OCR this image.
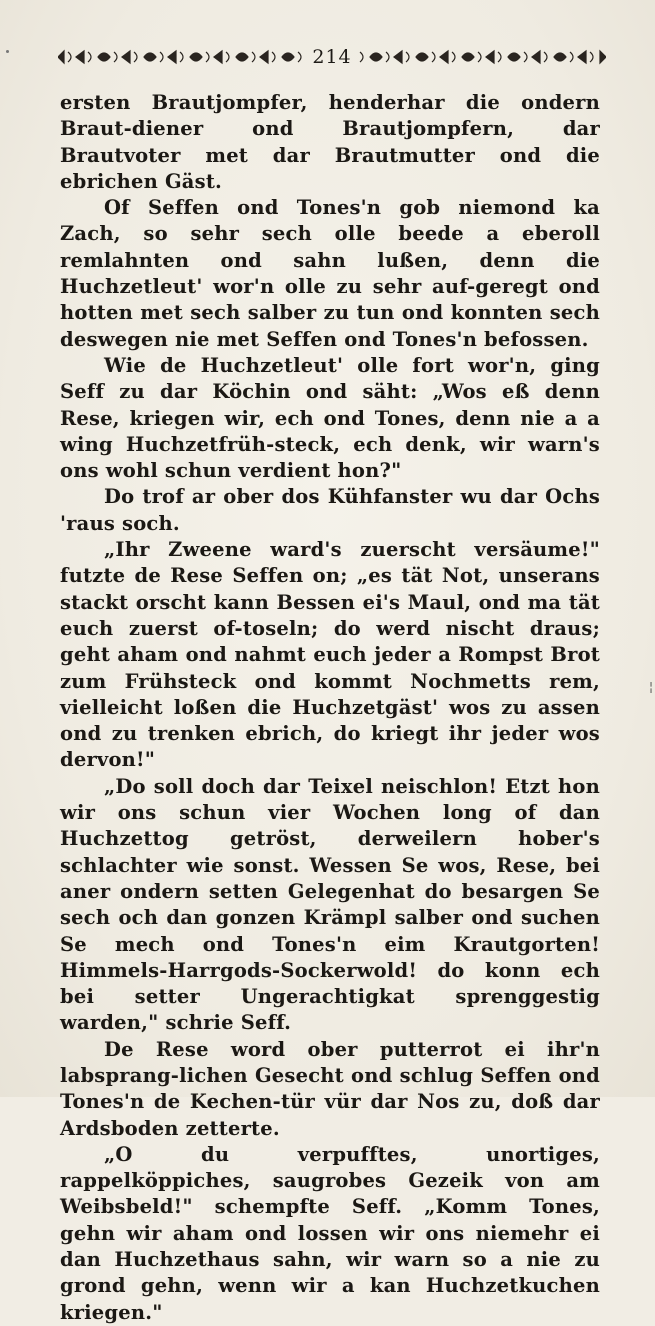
214

ersten Brautjompfer, henderhar die ondern Braut-diener ond Brautjompfern, dar Brautvoter met dar Brautmutter ond die ebrichen Gäst.

Of Seffen ond Tones'n gob niemond ka Zach, so sehr sech olle beede a eberoll remlahnten ond sahn lußen, denn die Huchzetleut' wor'n olle zu sehr auf-geregt ond hotten met sech salber zu tun ond konnten sech deswegen nie met Seffen ond Tones'n befossen.

Wie de Huchzetleut' olle fort wor'n, ging Seff zu dar Köchin ond säht: „Wos eß denn Rese, kriegen wir, ech ond Tones, denn nie a a wing Huchzetfrüh-steck, ech denk, wir warn's ons wohl schun verdient hon?"

Do trof ar ober dos Kühfanster wu dar Ochs 'raus soch.

„Ihr Zweene ward's zuerscht versäume!" futzte de Rese Seffen on; „es tät Not, unserans stackt orscht kann Bessen ei's Maul, ond ma tät euch zuerst of-toseln; do werd nischt draus; geht aham ond nahmt euch jeder a Rompst Brot zum Frühsteck ond kommt Nochmetts rem, vielleicht loßen die Huchzetgäst' wos zu assen ond zu trenken ebrich, do kriegt ihr jeder wos dervon!"

„Do soll doch dar Teixel neischlon! Etzt hon wir ons schun vier Wochen long of dan Huchzettog getröst, derweilern hober's schlachter wie sonst. Wessen Se wos, Rese, bei aner ondern setten Gelegenhat do besargen Se sech och dan gonzen Krämpl salber ond suchen Se mech ond Tones'n eim Krautgorten! Himmels-Harrgods-Sockerwold! do konn ech bei setter Ungerachtigkat sprenggestig warden," schrie Seff.

De Rese word ober putterrot ei ihr'n labsprang-lichen Gesecht ond schlug Seffen ond Tones'n de Kechen-tür vür dar Nos zu, doß dar Ardsboden zetterte.

„O du verpufftes, unortiges, rappelköppiches, saugrobes Gezeik von am Weibsbeld!" schempfte Seff. „Komm Tones, gehn wir aham ond lossen wir ons niemehr ei dan Huchzethaus sahn, wir warn so a nie zu grond gehn, wenn wir a kan Huchzetkuchen kriegen."

¦
